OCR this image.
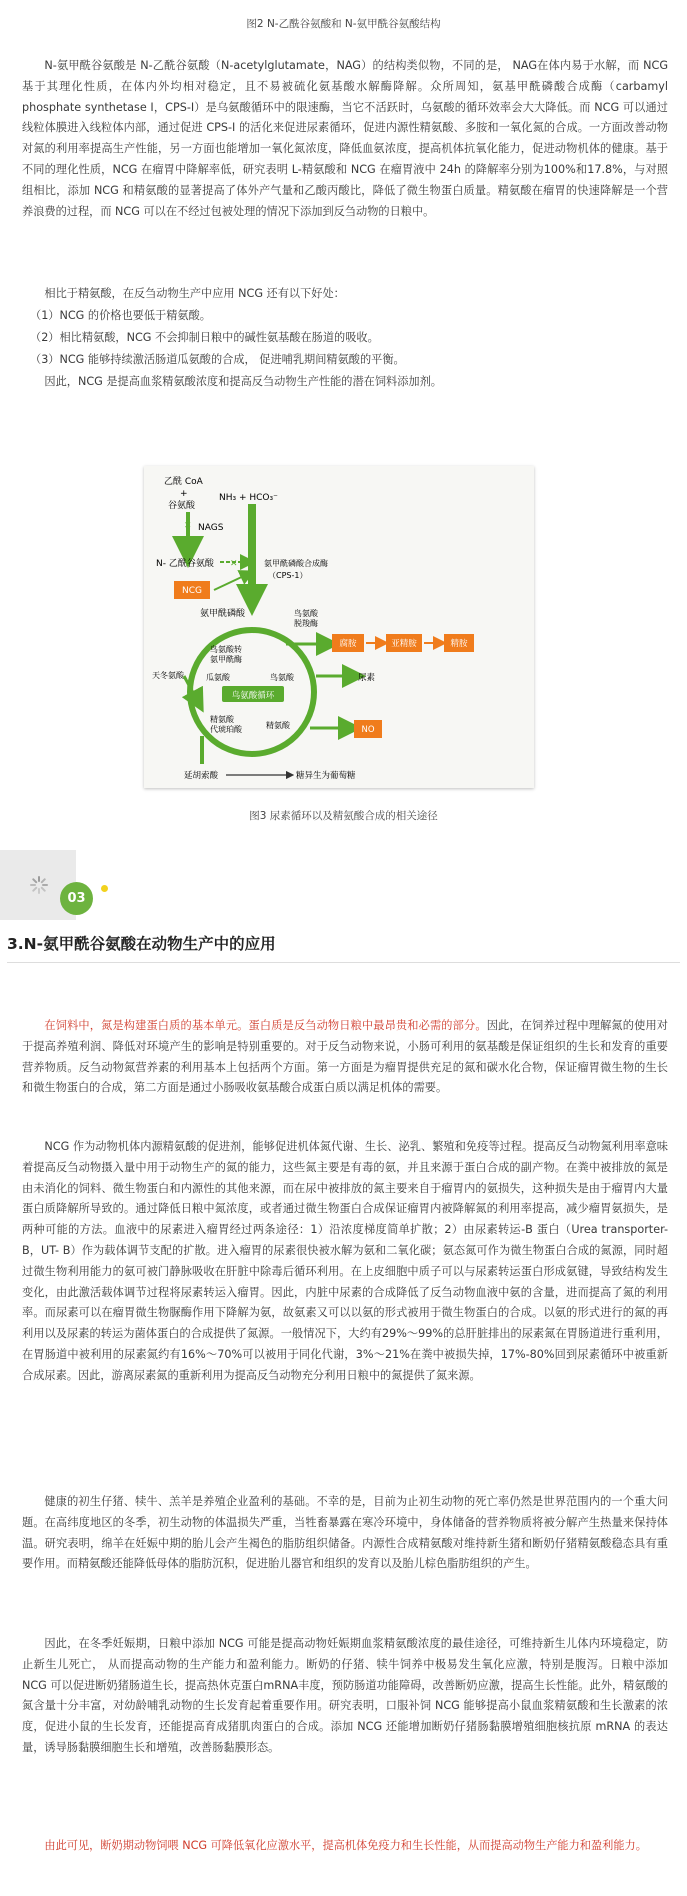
图2 N-乙酰谷氨酸和 N-氨甲酰谷氨酸结构

N-氨甲酰谷氨酸是 N-乙酰谷氨酸（N-acetylglutamate，NAG）的结构类似物，不同的是， NAG在体内易于水解，而 NCG 基于其理化性质，在体内外均相对稳定，且不易被硫化氨基酸水解酶降解。众所周知，氨基甲酰磷酸合成酶（carbamyl phosphate synthetase I，CPS-I）是乌氨酸循环中的限速酶，当它不活跃时，乌氨酸的循环效率会大大降低。而 NCG 可以通过线粒体膜进入线粒体内部，通过促进 CPS-I 的活化来促进尿素循环，促进内源性精氨酸、多胺和一氧化氮的合成。一方面改善动物对氮的利用率提高生产性能，另一方面也能增加一氧化氮浓度，降低血氨浓度，提高机体抗氧化能力，促进动物机体的健康。基于不同的理化性质，NCG 在瘤胃中降解率低，研究表明 L-精氨酸和 NCG 在瘤胃液中 24h 的降解率分别为100%和17.8%，与对照组相比，添加 NCG 和精氨酸的显著提高了体外产气量和乙酸丙酸比，降低了微生物蛋白质量。精氨酸在瘤胃的快速降解是一个营养浪费的过程，而 NCG 可以在不经过包被处理的情况下添加到反刍动物的日粮中。

相比于精氨酸，在反刍动物生产中应用 NCG 还有以下好处：

（1）NCG 的价格也要低于精氨酸。

（2）相比精氨酸，NCG 不会抑制日粮中的碱性氨基酸在肠道的吸收。

（3）NCG 能够持续激活肠道瓜氨酸的合成， 促进哺乳期间精氨酸的平衡。

因此，NCG 是提高血浆精氨酸浓度和提高反刍动物生产性能的潜在饲料添加剂。

乙酰 CoA
+
谷氨酸
✕ NAGS
N- 乙酰谷氨酸
NCG
✕
NH₃ + HCO₃⁻
氨甲酰磷酸合成酶
（CPS-1）
氨甲酰磷酸	鸟氨酸
脱羧酶
腐胺	亚精胺	精胺
鸟氨酸转
氨甲酰酶
瓜氨酸	鸟氨酸
鸟氨酸循环
天冬氨酸
精氨酸
代琥珀酸	精氨酸
尿素
NO
延胡索酸	糖异生为葡萄糖
图3 尿素循环以及精氨酸合成的相关途径
03
3.N-氨甲酰谷氨酸在动物生产中的应用

在饲料中，氮是构建蛋白质的基本单元。蛋白质是反刍动物日粮中最昂贵和必需的部分。因此，在饲养过程中理解氮的使用对于提高养殖利润、降低对环境产生的影响是特别重要的。对于反刍动物来说，小肠可利用的氨基酸是保证组织的生长和发育的重要营养物质。反刍动物氮营养素的利用基本上包括两个方面。第一方面是为瘤胃提供充足的氮和碳水化合物，保证瘤胃微生物的生长和微生物蛋白的合成，第二方面是通过小肠吸收氨基酸合成蛋白质以满足机体的需要。

NCG 作为动物机体内源精氨酸的促进剂，能够促进机体氮代谢、生长、泌乳、繁殖和免疫等过程。提高反刍动物氮利用率意味着提高反刍动物摄入量中用于动物生产的氮的能力，这些氮主要是有毒的氨，并且来源于蛋白合成的副产物。在粪中被排放的氮是由未消化的饲料、微生物蛋白和内源性的其他来源，而在尿中被排放的氮主要来自于瘤胃内的氨损失，这种损失是由于瘤胃内大量蛋白质降解所导致的。通过降低日粮中氮浓度，或者通过微生物蛋白合成保证瘤胃内被降解氮的利用率提高，减少瘤胃氨损失，是两种可能的方法。血液中的尿素进入瘤胃经过两条途径：1）沿浓度梯度简单扩散；2）由尿素转运-B 蛋白（Urea transporter-B，UT- B）作为载体调节支配的扩散。进入瘤胃的尿素很快被水解为氨和二氧化碳；氨态氮可作为微生物蛋白合成的氮源，同时超过微生物利用能力的氨可被门静脉吸收在肝脏中除毒后循环利用。在上皮细胞中质子可以与尿素转运蛋白形成氨键，导致结构发生变化，由此激活载体调节过程将尿素转运入瘤胃。因此，内脏中尿素的合成降低了反刍动物血液中氨的含量，进而提高了氮的利用率。而尿素可以在瘤胃微生物脲酶作用下降解为氨，故氨素又可以以氨的形式被用于微生物蛋白的合成。以氨的形式进行的氮的再利用以及尿素的转运为菌体蛋白的合成提供了氮源。一般情况下，大约有29%～99%的总肝脏排出的尿素氮在胃肠道进行重利用，在胃肠道中被利用的尿素氮约有16%～70%可以被用于同化代谢，3%～21%在粪中被损失掉，17%-80%回到尿素循环中被重新合成尿素。因此，游离尿素氮的重新利用为提高反刍动物充分利用日粮中的氮提供了氮来源。

健康的初生仔猪、犊牛、羔羊是养殖企业盈利的基础。不幸的是，目前为止初生动物的死亡率仍然是世界范围内的一个重大问题。在高纬度地区的冬季，初生动物的体温损失严重，当牲畜暴露在寒冷环境中，身体储备的营养物质将被分解产生热量来保持体温。研究表明，绵羊在妊娠中期的胎儿会产生褐色的脂肪组织储备。内源性合成精氨酸对维持新生猪和断奶仔猪精氨酸稳态具有重要作用。而精氨酸还能降低母体的脂肪沉积，促进胎儿器官和组织的发育以及胎儿棕色脂肪组织的产生。

因此，在冬季妊娠期，日粮中添加 NCG 可能是提高动物妊娠期血浆精氨酸浓度的最佳途径，可维持新生儿体内环境稳定，防止新生儿死亡， 从而提高动物的生产能力和盈利能力。断奶的仔猪、犊牛饲养中极易发生氧化应激，特别是腹泻。日粮中添加 NCG 可以促进断奶猪肠道生长，提高热休克蛋白mRNA丰度，预防肠道功能障碍，改善断奶应激，提高生长性能。此外，精氨酸的氮含量十分丰富，对幼龄哺乳动物的生长发育起着重要作用。研究表明，口服补饲 NCG 能够提高小鼠血浆精氨酸和生长激素的浓度，促进小鼠的生长发育，还能提高育成猪肌肉蛋白的合成。添加 NCG 还能增加断奶仔猪肠黏膜增殖细胞核抗原 mRNA 的表达量，诱导肠黏膜细胞生长和增殖，改善肠黏膜形态。

由此可见，断奶期动物饲喂 NCG 可降低氧化应激水平，提高机体免疫力和生长性能，从而提高动物生产能力和盈利能力。
